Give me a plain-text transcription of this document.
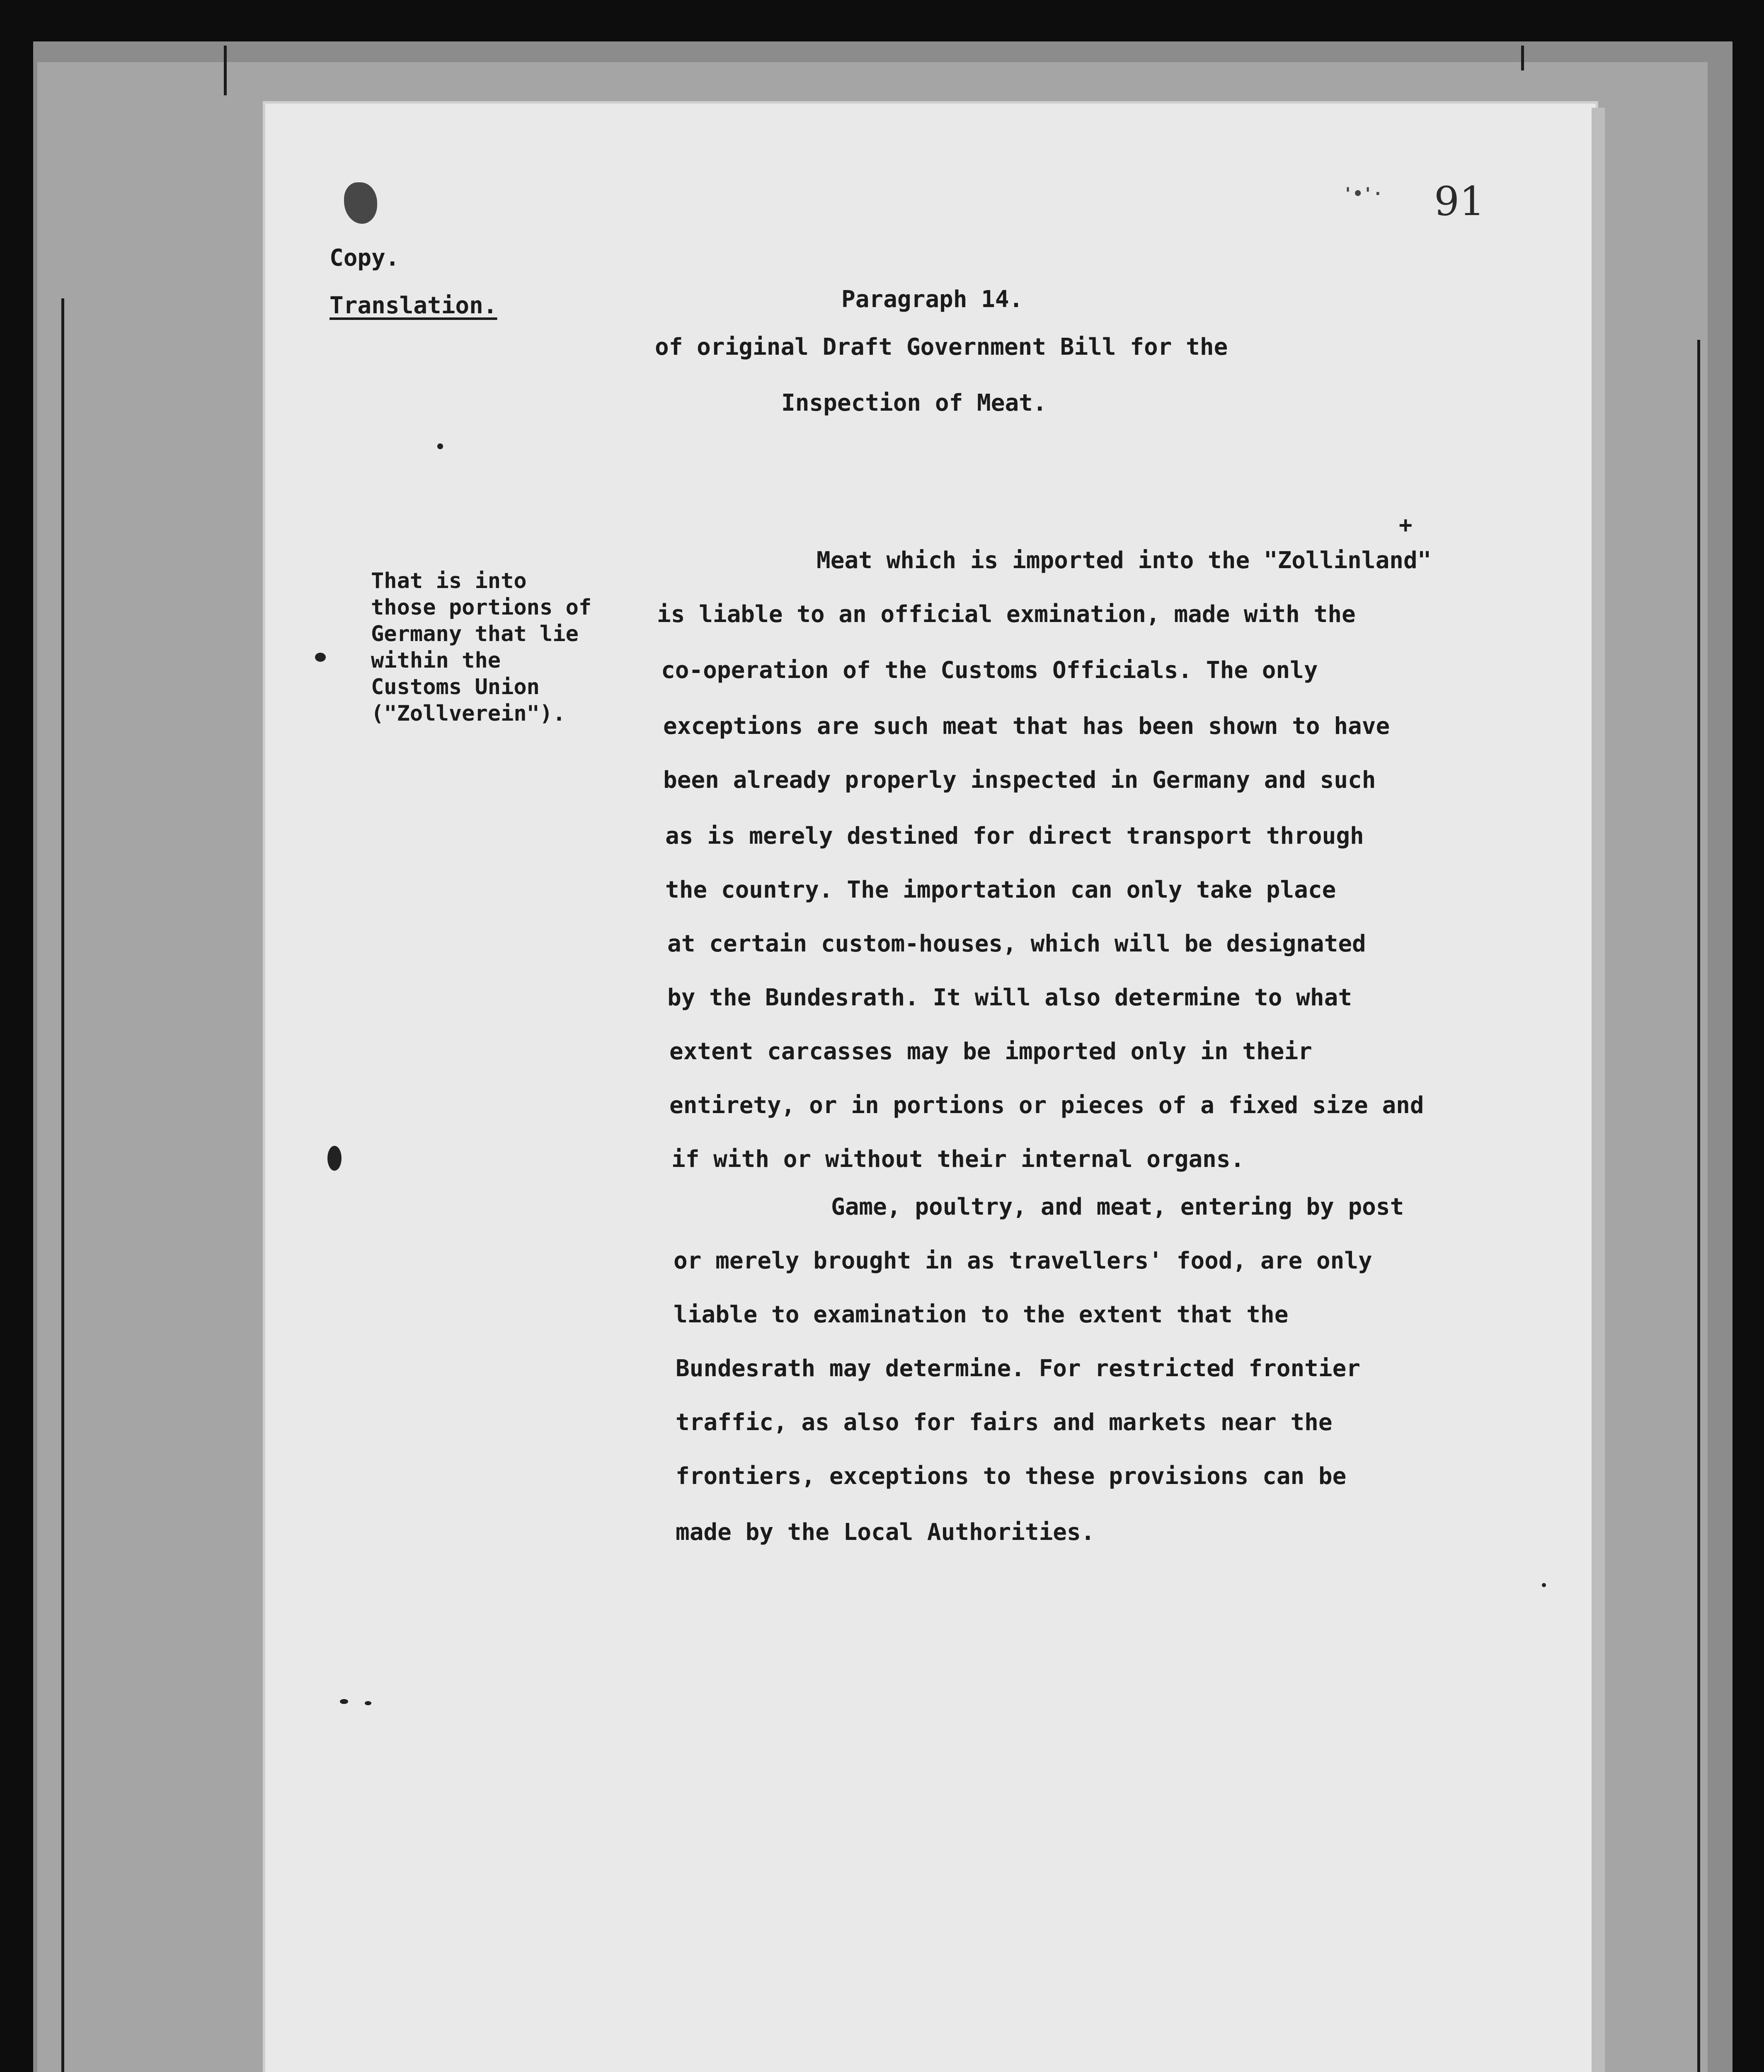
'•'· 91
Copy.
Translation.	Paragraph 14.
of original Draft Government Bill for the
Inspection of Meat.
That is into
those portions of
Germany that lie
within the
Customs Union
("Zollverein").
+
Meat which is imported into the "Zollinland"
is liable to an official exmination, made with the
co-operation of the Customs Officials. The only
exceptions are such meat that has been shown to have
been already properly inspected in Germany and such
as is merely destined for direct transport through
the country. The importation can only take place
at certain custom-houses, which will be designated
by the Bundesrath. It will also determine to what
extent carcasses may be imported only in their
entirety, or in portions or pieces of a fixed size and
if with or without their internal organs.
Game, poultry, and meat, entering by post
or merely brought in as travellers' food, are only
liable to examination to the extent that the
Bundesrath may determine. For restricted frontier
traffic, as also for fairs and markets near the
frontiers, exceptions to these provisions can be
made by the Local Authorities.
